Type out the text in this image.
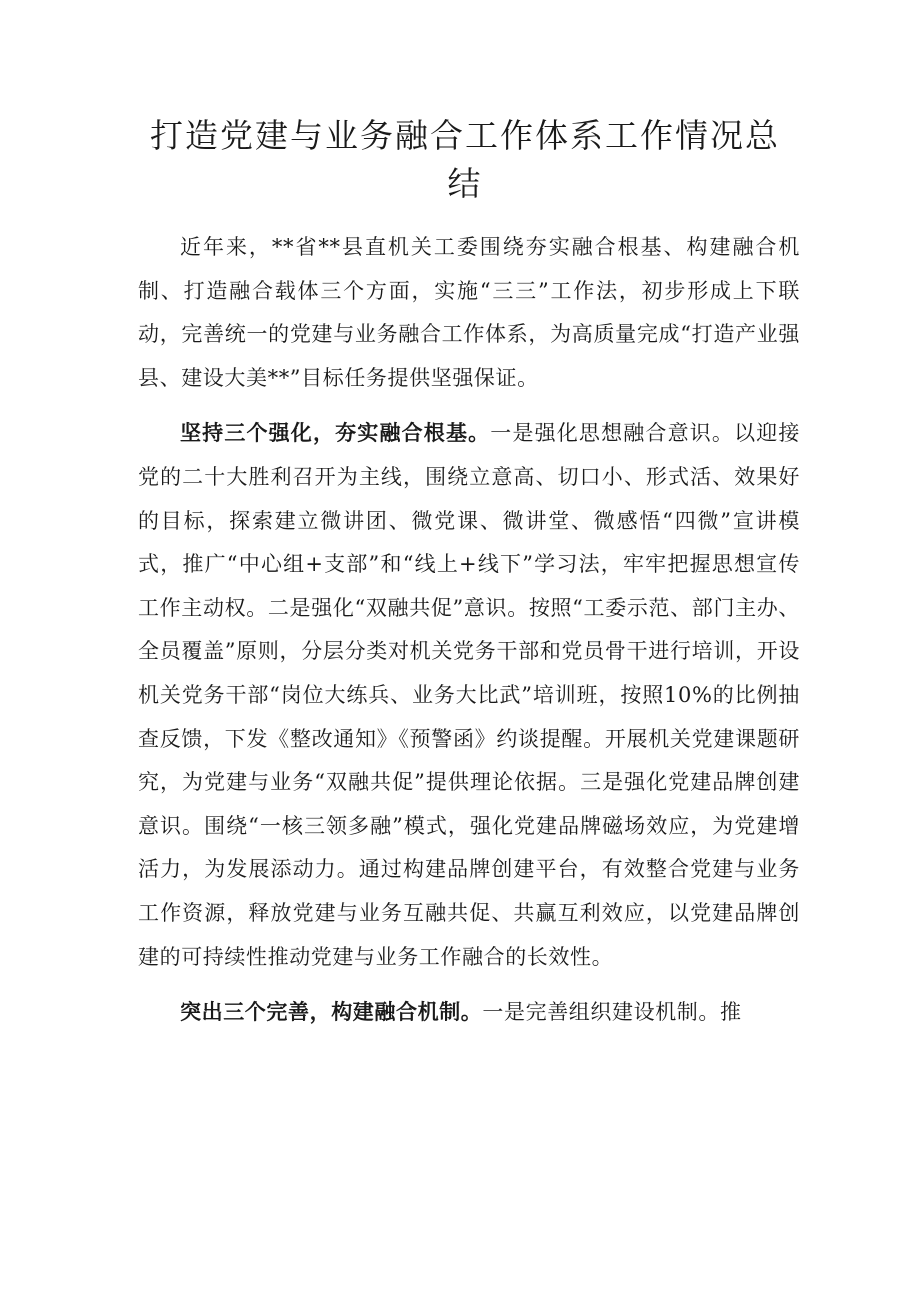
打造党建与业务融合工作体系工作情况总结

近年来，**省**县直机关工委围绕夯实融合根基、构建融合机制、打造融合载体三个方面，实施“三三”工作法，初步形成上下联动，完善统一的党建与业务融合工作体系，为高质量完成“打造产业强县、建设大美**”目标任务提供坚强保证。

坚持三个强化，夯实融合根基。一是强化思想融合意识。以迎接党的二十大胜利召开为主线，围绕立意高、切口小、形式活、效果好的目标，探索建立微讲团、微党课、微讲堂、微感悟“四微”宣讲模式，推广“中心组+支部”和“线上+线下”学习法，牢牢把握思想宣传工作主动权。二是强化“双融共促”意识。按照“工委示范、部门主办、全员覆盖”原则，分层分类对机关党务干部和党员骨干进行培训，开设机关党务干部“岗位大练兵、业务大比武”培训班，按照10%的比例抽查反馈，下发《整改通知》《预警函》约谈提醒。开展机关党建课题研究，为党建与业务“双融共促”提供理论依据。三是强化党建品牌创建意识。围绕“一核三领多融”模式，强化党建品牌磁场效应，为党建增活力，为发展添动力。通过构建品牌创建平台，有效整合党建与业务工作资源，释放党建与业务互融共促、共赢互利效应，以党建品牌创建的可持续性推动党建与业务工作融合的长效性。

突出三个完善，构建融合机制。一是完善组织建设机制。推
